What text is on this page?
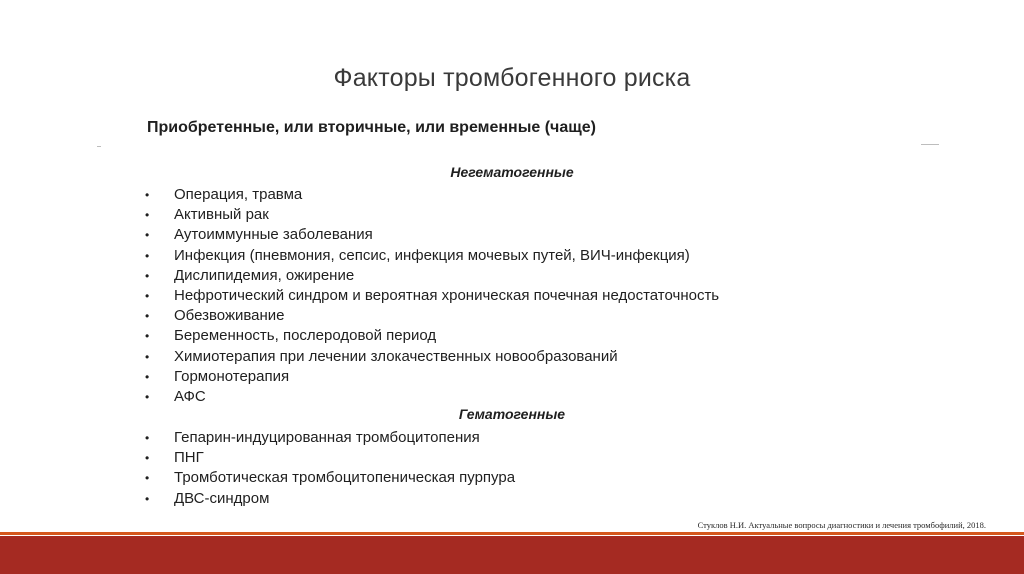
Факторы тромбогенного риска
Приобретенные, или вторичные, или временные (чаще)
Негематогенные
•	Операция, травма
•	Активный рак
•	Аутоиммунные заболевания
•	Инфекция (пневмония, сепсис, инфекция мочевых путей, ВИЧ-инфекция)
•	Дислипидемия, ожирение
•	Нефротический синдром и вероятная хроническая почечная недостаточность
•	Обезвоживание
•	Беременность, послеродовой период
•	Химиотерапия при лечении злокачественных новообразований
•	Гормонотерапия
•	АФС
Гематогенные
•	Гепарин-индуцированная тромбоцитопения
•	ПНГ
•	Тромботическая тромбоцитопеническая пурпура
•	ДВС-синдром
Стуклов Н.И. Актуальные вопросы диагностики и лечения тромбофилий, 2018.
